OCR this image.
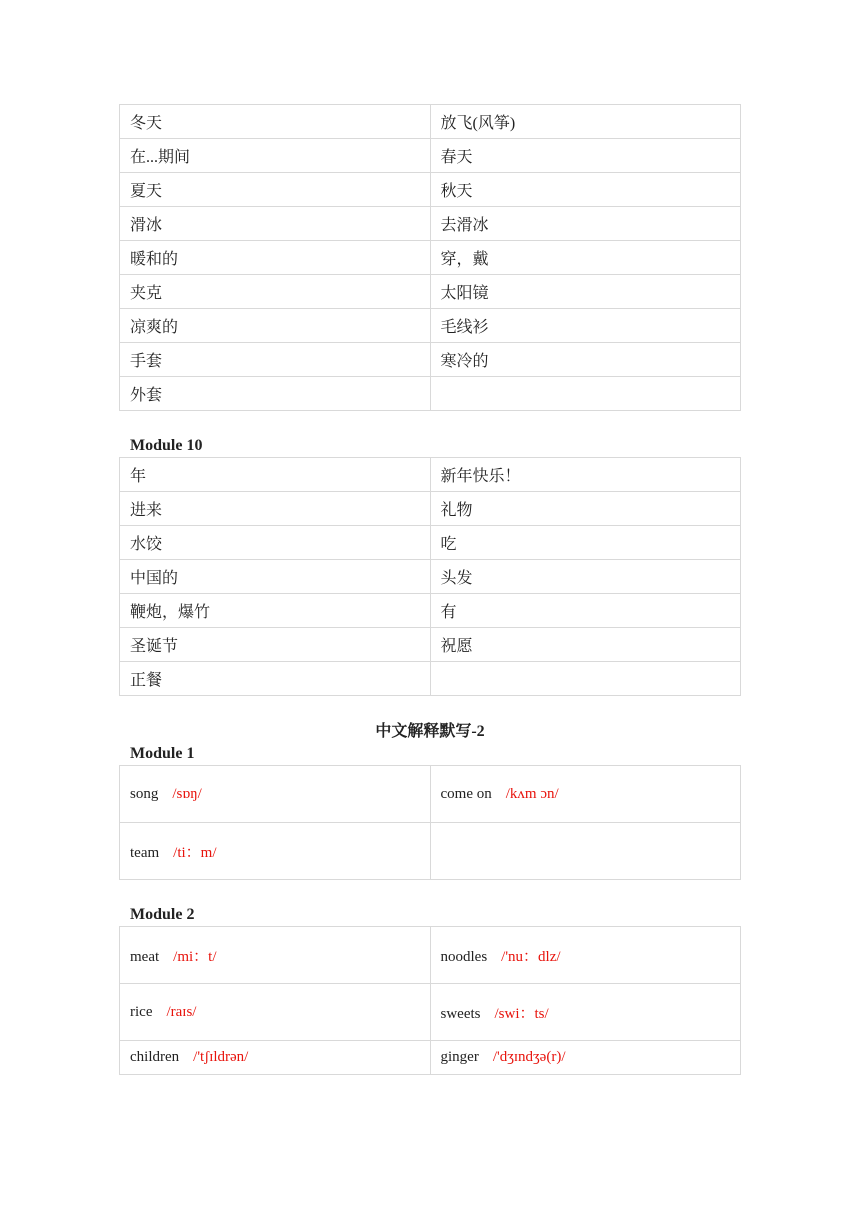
冬天	放飞(风筝)
在...期间	春天
夏天	秋天
滑冰	去滑冰
暖和的	穿，戴
夹克	太阳镜
凉爽的	毛线衫
手套	寒冷的
外套	
Module 10
年	新年快乐！
进来	礼物
水饺	吃
中国的	头发
鞭炮，爆竹	有
圣诞节	祝愿
正餐	
中文解释默写-2
Module 1
song /sɒŋ/	come on /kʌm ɔn/
team /ti：m/	
Module 2
meat /mi：t/	noodles /'nu：dlz/
rice /raɪs/	sweets /swi：ts/
children /'tʃɪldrən/	ginger /'dʒɪndʒə(r)/
